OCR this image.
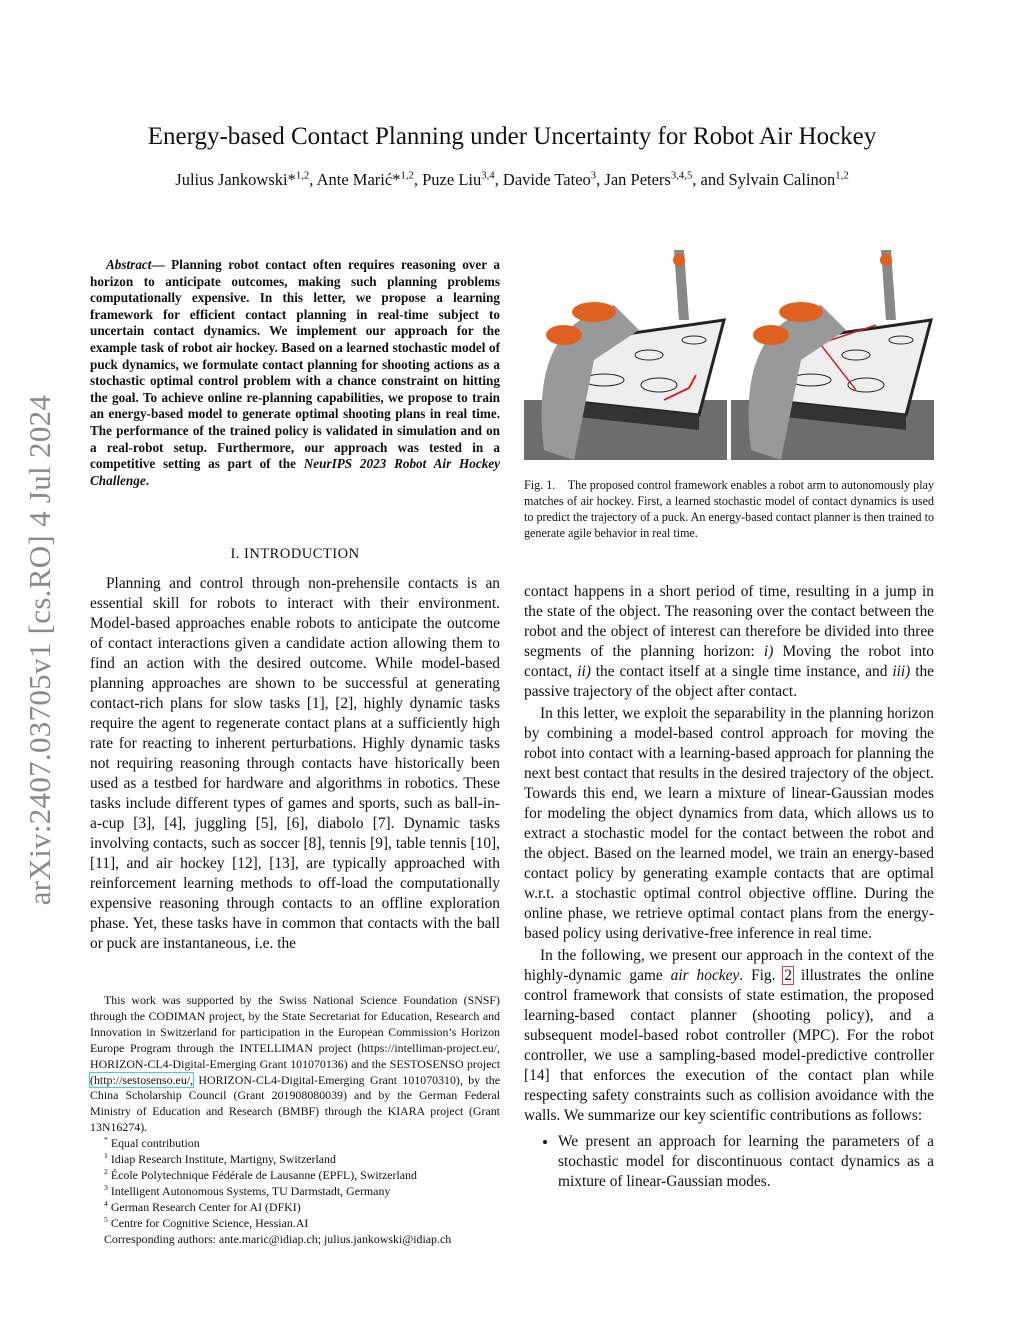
arXiv:2407.03705v1 [cs.RO] 4 Jul 2024
Energy-based Contact Planning under Uncertainty for Robot Air Hockey
Julius Jankowski*$^{1,2}$, Ante Marić*$^{1,2}$, Puze Liu$^{3,4}$, Davide Tateo$^3$, Jan Peters$^{3,4,5}$, and Sylvain Calinon$^{1,2}$
Abstract— Planning robot contact often requires reasoning over a horizon to anticipate outcomes, making such planning problems computationally expensive. In this letter, we propose a learning framework for efficient contact planning in real-time subject to uncertain contact dynamics. We implement our approach for the example task of robot air hockey. Based on a learned stochastic model of puck dynamics, we formulate contact planning for shooting actions as a stochastic optimal control problem with a chance constraint on hitting the goal. To achieve online re-planning capabilities, we propose to train an energy-based model to generate optimal shooting plans in real time. The performance of the trained policy is validated in simulation and on a real-robot setup. Furthermore, our approach was tested in a competitive setting as part of the NeurIPS 2023 Robot Air Hockey Challenge.
I. INTRODUCTION

Planning and control through non-prehensile contacts is an essential skill for robots to interact with their environment. Model-based approaches enable robots to anticipate the outcome of contact interactions given a candidate action allowing them to find an action with the desired outcome. While model-based planning approaches are shown to be successful at generating contact-rich plans for slow tasks [1], [2], highly dynamic tasks require the agent to regenerate contact plans at a sufficiently high rate for reacting to inherent perturbations. Highly dynamic tasks not requiring reasoning through contacts have historically been used as a testbed for hardware and algorithms in robotics. These tasks include different types of games and sports, such as ball-in-a-cup [3], [4], juggling [5], [6], diabolo [7]. Dynamic tasks involving contacts, such as soccer [8], tennis [9], table tennis [10], [11], and air hockey [12], [13], are typically approached with reinforcement learning methods to off-load the computationally expensive reasoning through contacts to an offline exploration phase. Yet, these tasks have in common that contacts with the ball or puck are instantaneous, i.e. the

This work was supported by the Swiss National Science Foundation (SNSF) through the CODIMAN project, by the State Secretariat for Education, Research and Innovation in Switzerland for participation in the European Commission’s Horizon Europe Program through the INTELLIMAN project (https://intelliman-project.eu/, HORIZON-CL4-Digital-Emerging Grant 101070136) and the SESTOSENSO project (http://sestosenso.eu/, HORIZON-CL4-Digital-Emerging Grant 101070310), by the China Scholarship Council (Grant 201908080039) and by the German Federal Ministry of Education and Research (BMBF) through the KIARA project (Grant 13N16274).

* Equal contribution
$^1$ Idiap Research Institute, Martigny, Switzerland
$^2$ École Polytechnique Fédérale de Lausanne (EPFL), Switzerland
$^3$ Intelligent Autonomous Systems, TU Darmstadt, Germany
$^4$ German Research Center for AI (DFKI)
$^5$ Centre for Cognitive Science, Hessian.AI
Corresponding authors: ante.maric@idiap.ch; julius.jankowski@idiap.ch
Fig. 1. The proposed control framework enables a robot arm to autonomously play matches of air hockey. First, a learned stochastic model of contact dynamics is used to predict the trajectory of a puck. An energy-based contact planner is then trained to generate agile behavior in real time.

contact happens in a short period of time, resulting in a jump in the state of the object. The reasoning over the contact between the robot and the object of interest can therefore be divided into three segments of the planning horizon: i) Moving the robot into contact, ii) the contact itself at a single time instance, and iii) the passive trajectory of the object after contact.

In this letter, we exploit the separability in the planning horizon by combining a model-based control approach for moving the robot into contact with a learning-based approach for planning the next best contact that results in the desired trajectory of the object. Towards this end, we learn a mixture of linear-Gaussian modes for modeling the object dynamics from data, which allows us to extract a stochastic model for the contact between the robot and the object. Based on the learned model, we train an energy-based contact policy by generating example contacts that are optimal w.r.t. a stochastic optimal control objective offline. During the online phase, we retrieve optimal contact plans from the energy-based policy using derivative-free inference in real time.

In the following, we present our approach in the context of the highly-dynamic game air hockey. Fig. 2 illustrates the online control framework that consists of state estimation, the proposed learning-based contact planner (shooting policy), and a subsequent model-based robot controller (MPC). For the robot controller, we use a sampling-based model-predictive controller [14] that enforces the execution of the contact plan while respecting safety constraints such as collision avoidance with the walls. We summarize our key scientific contributions as follows:

• We present an approach for learning the parameters of a stochastic model for discontinuous contact dynamics as a mixture of linear-Gaussian modes.
